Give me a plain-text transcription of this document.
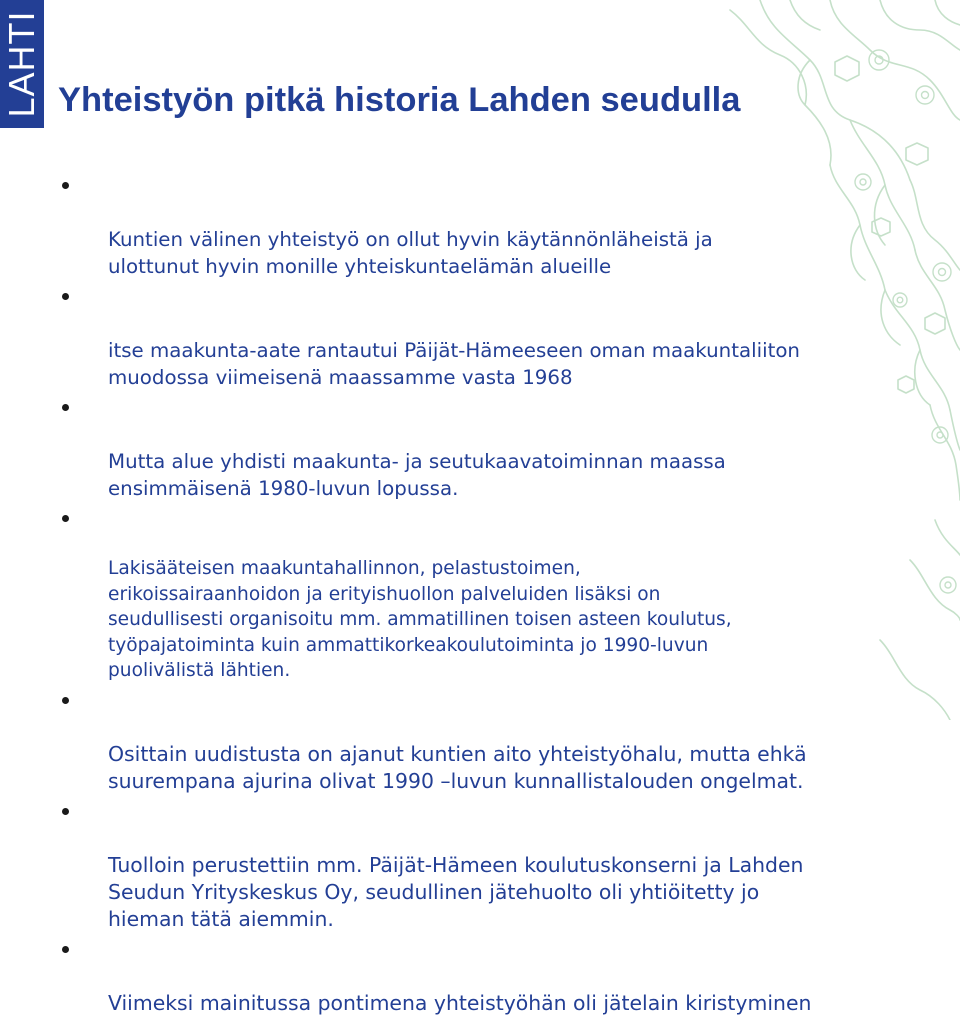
LAHTI Yhteistyön pitkä historia Lahden seudulla

Kuntien välinen yhteistyö on ollut hyvin käytännönläheistä ja
ulottunut hyvin monille yhteiskuntaelämän alueille

itse maakunta-aate rantautui Päijät-Hämeeseen oman maakuntaliiton
muodossa viimeisenä maassamme vasta 1968

Mutta alue yhdisti maakunta- ja seutukaavatoiminnan maassa
ensimmäisenä 1980-luvun lopussa.

Lakisääteisen maakuntahallinnon, pelastustoimen,
erikoissairaanhoidon ja erityishuollon palveluiden lisäksi on
seudullisesti organisoitu mm. ammatillinen toisen asteen koulutus,
työpajatoiminta kuin ammattikorkeakoulutoiminta jo 1990-luvun
puolivälistä lähtien.

Osittain uudistusta on ajanut kuntien aito yhteistyöhalu, mutta ehkä
suurempana ajurina olivat 1990 –luvun kunnallistalouden ongelmat.

Tuolloin perustettiin mm. Päijät-Hämeen koulutuskonserni ja Lahden
Seudun Yrityskeskus Oy, seudullinen jätehuolto oli yhtiöitetty jo
hieman tätä aiemmin.

Viimeksi mainitussa pontimena yhteistyöhän oli jätelain kiristyminen
